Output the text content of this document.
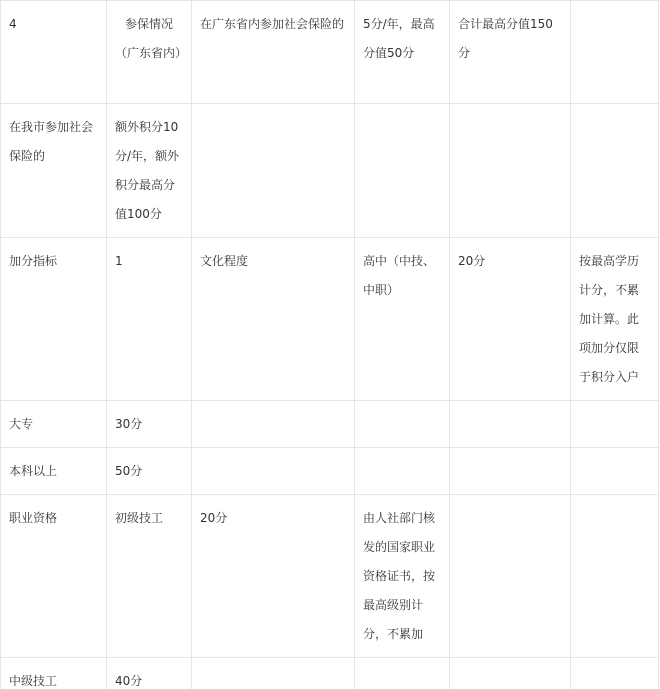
4	参保情况（广东省内）	在广东省内参加社会保险的	5分/年，最高分值50分	合计最高分值150分	

在我市参加社会保险的	额外积分10分/年，额外积分最高分值100分				

加分指标	1	文化程度	高中（中技、中职）	20分	按最高学历计分，不累加计算。此项加分仅限于积分入户

大专	30分				

本科以上	50分				

职业资格	初级技工	20分	由人社部门核发的国家职业资格证书，按最高级别计分，不累加		

中级技工	40分				
